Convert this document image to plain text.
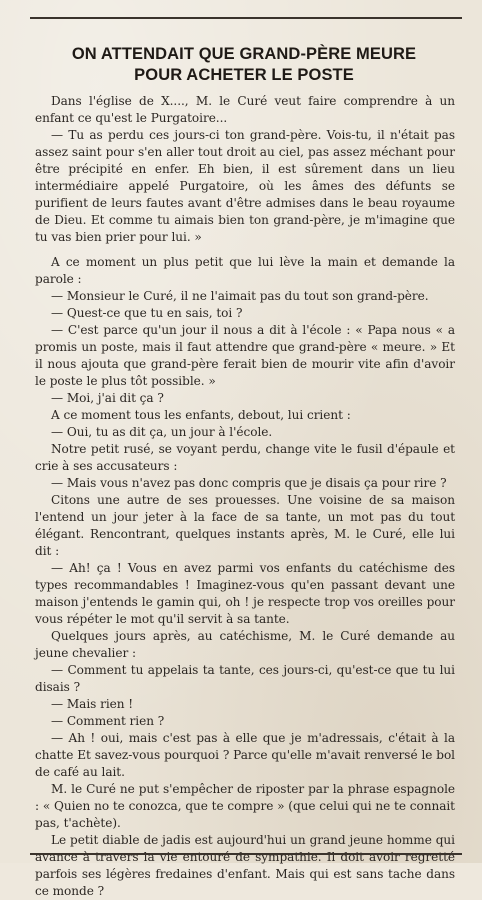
ON ATTENDAIT QUE GRAND-PÈRE MEURE
POUR ACHETER LE POSTE

Dans l'église de X...., M. le Curé veut faire comprendre à un enfant ce qu'est le Purgatoire...

— Tu as perdu ces jours-ci ton grand-père. Vois-tu, il n'était pas assez saint pour s'en aller tout droit au ciel, pas assez méchant pour être précipité en enfer. Eh bien, il est sûrement dans un lieu intermédiaire appelé Purgatoire, où les âmes des défunts se purifient de leurs fautes avant d'être admises dans le beau royaume de Dieu. Et comme tu aimais bien ton grand-père, je m'imagine que tu vas bien prier pour lui. »

A ce moment un plus petit que lui lève la main et demande la parole :

— Monsieur le Curé, il ne l'aimait pas du tout son grand-père.

— Quest-ce que tu en sais, toi ?

— C'est parce qu'un jour il nous a dit à l'école : « Papa nous « a promis un poste, mais il faut attendre que grand-père « meure. » Et il nous ajouta que grand-père ferait bien de mourir vite afin d'avoir le poste le plus tôt possible. »

— Moi, j'ai dit ça ?

A ce moment tous les enfants, debout, lui crient :

— Oui, tu as dit ça, un jour à l'école.

Notre petit rusé, se voyant perdu, change vite le fusil d'épaule et crie à ses accusateurs :

— Mais vous n'avez pas donc compris que je disais ça pour rire ?

Citons une autre de ses prouesses. Une voisine de sa maison l'entend un jour jeter à la face de sa tante, un mot pas du tout élégant. Rencontrant, quelques instants après, M. le Curé, elle lui dit :

— Ah! ça ! Vous en avez parmi vos enfants du catéchisme des types recommandables ! Imaginez-vous qu'en passant devant une maison j'entends le gamin qui, oh ! je respecte trop vos oreilles pour vous répéter le mot qu'il servit à sa tante.

Quelques jours après, au catéchisme, M. le Curé demande au jeune chevalier :

— Comment tu appelais ta tante, ces jours-ci, qu'est-ce que tu lui disais ?

— Mais rien !

— Comment rien ?

— Ah ! oui, mais c'est pas à elle que je m'adressais, c'était à la chatte Et savez-vous pourquoi ? Parce qu'elle m'avait renversé le bol de café au lait.

M. le Curé ne put s'empêcher de riposter par la phrase espagnole : « Quien no te conozca, que te compre » (que celui qui ne te connait pas, t'achète).

Le petit diable de jadis est aujourd'hui un grand jeune homme qui avance à travers la vie entouré de sympathie. Il doit avoir regretté parfois ses légères fredaines d'enfant. Mais qui est sans tache dans ce monde ?
